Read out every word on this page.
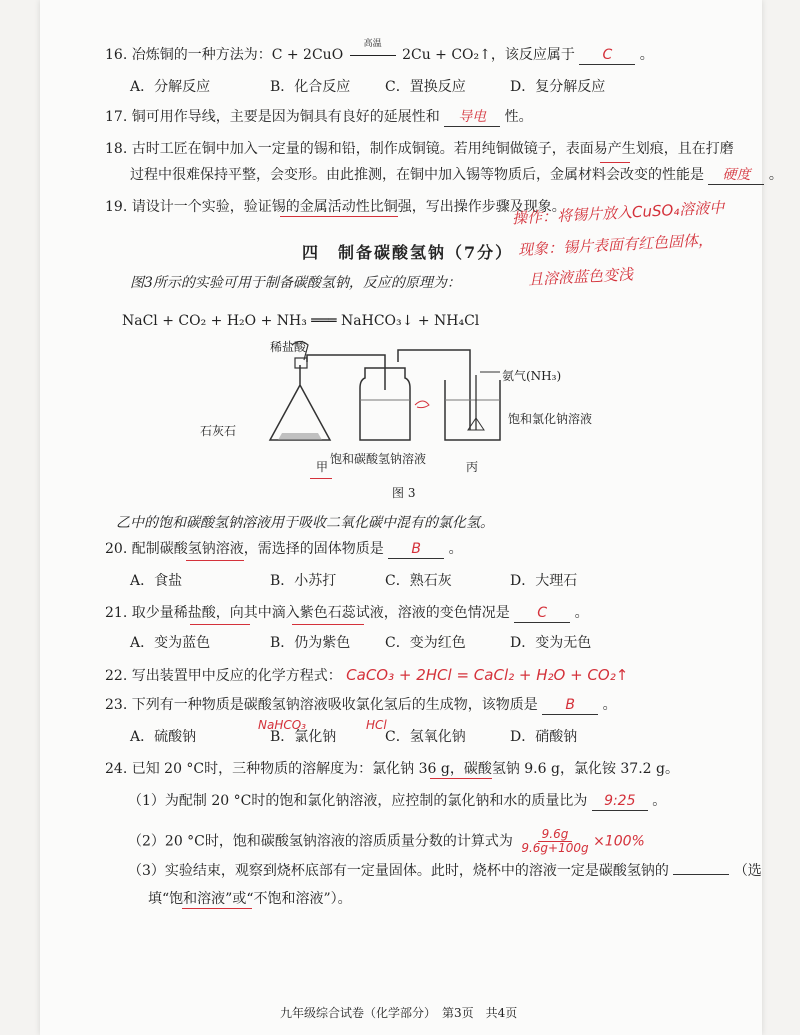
16. 冶炼铜的一种方法为：C + 2CuO
高温
2Cu + CO₂↑，该反应属于 C 。
A．分解反应	B．化合反应 C．置换反应	D．复分解反应
17. 铜可用作导线，主要是因为铜具有良好的延展性和 导电 性。
18. 古时工匠在铜中加入一定量的锡和铅，制作成铜镜。若用纯铜做镜子，表面易产生划痕，且在打磨
过程中很难保持平整，会变形。由此推测，在铜中加入锡等物质后，金属材料会改变的性能是 硬度 。
19. 请设计一个实验，验证锡的金属活动性比铜强，写出操作步骤及现象。
操作：将锡片放入CuSO₄溶液中
现象：锡片表面有红色固体，
且溶液蓝色变浅
四　制备碳酸氢钠（7分）
图3所示的实验可用于制备碳酸氢钠，反应的原理为：
NaCl + CO₂ + H₂O + NH₃ ═══ NaHCO₃↓ + NH₄Cl
稀盐酸
石灰石
饱和碳酸氢钠溶液
氨气(NH₃)
饱和氯化钠溶液
甲	丙
图 3
乙中的饱和碳酸氢钠溶液用于吸收二氧化碳中混有的氯化氢。
20. 配制碳酸氢钠溶液，需选择的固体物质是 B 。
A．食盐	B．小苏打	C．熟石灰	D．大理石
21. 取少量稀盐酸，向其中滴入紫色石蕊试液，溶液的变色情况是 C 。
A．变为蓝色	B．仍为紫色 C．变为红色	D．变为无色
22. 写出装置甲中反应的化学方程式： CaCO₃ + 2HCl = CaCl₂ + H₂O + CO₂↑
23. 下列有一种物质是碳酸氢钠溶液吸收氯化氢后的生成物，该物质是 B 。
NaHCO₃	HCl
A．硫酸钠	B．氯化钠	C．氢氧化钠	D．硝酸钠
24. 已知 20 °C时，三种物质的溶解度为：氯化钠 36 g，碳酸氢钠 9.6 g，氯化铵 37.2 g。
（1）为配制 20 °C时的饱和氯化钠溶液，应控制的氯化钠和水的质量比为 9:25 。
（2）20 °C时，饱和碳酸氢钠溶液的溶质质量分数的计算式为 $\frac{9.6g}{9.6g+100g} \times 100\%$
（3）实验结束，观察到烧杯底部有一定量固体。此时，烧杯中的溶液一定是碳酸氢钠的	（选
填“饱和溶液”或“不饱和溶液”）。
九年级综合试卷（化学部分）　第3页　共4页
